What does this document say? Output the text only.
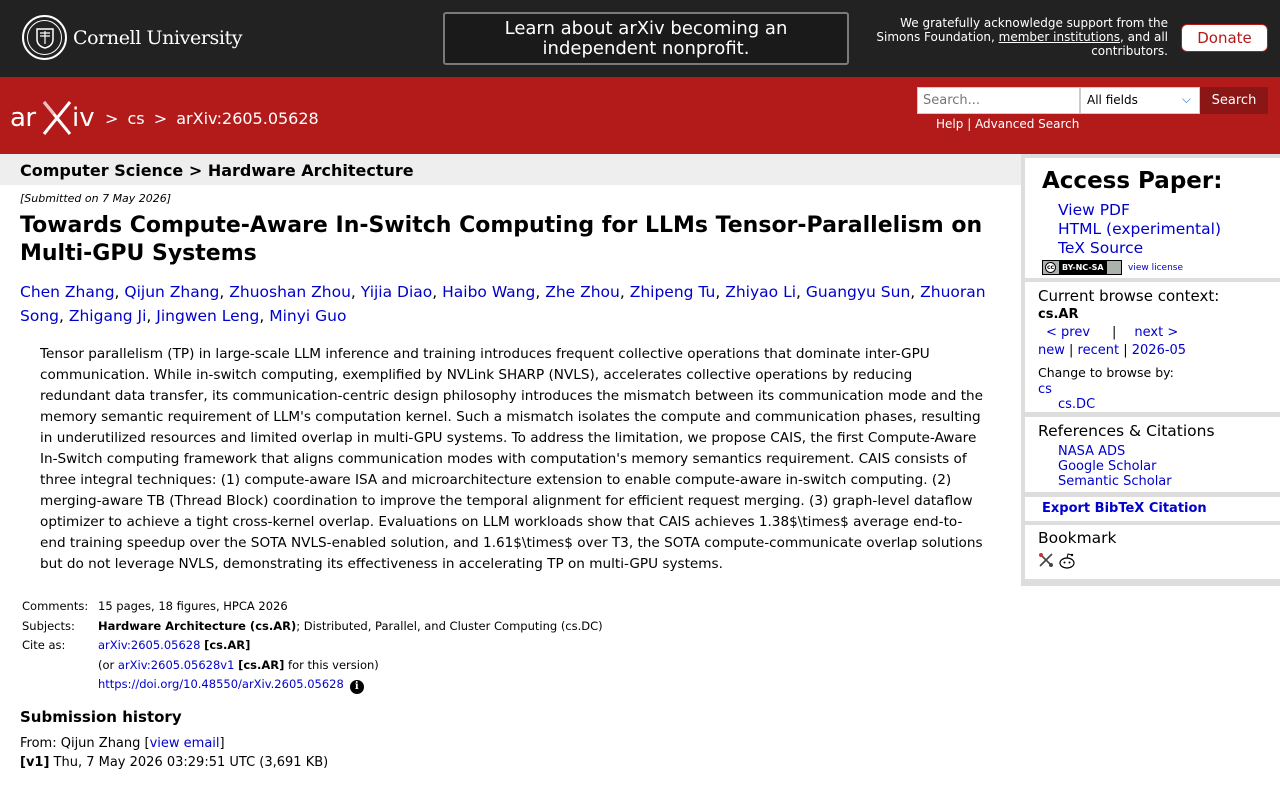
Cornell University	Learn about arXiv becoming an independent nonprofit.
We gratefully acknowledge support from the
Simons Foundation, member institutions, and all
contributors.
Donate
ar iv > cs > arXiv:2605.05628
Search...
All fields	⌵	Search
Help | Advanced Search
Computer Science > Hardware Architecture
[Submitted on 7 May 2026]
Towards Compute-Aware In-Switch Computing for LLMs Tensor-Parallelism on Multi-GPU Systems
Chen Zhang, Qijun Zhang, Zhuoshan Zhou, Yijia Diao, Haibo Wang, Zhe Zhou, Zhipeng Tu, Zhiyao Li, Guangyu Sun, Zhuoran Song, Zhigang Ji, Jingwen Leng, Minyi Guo
Tensor parallelism (TP) in large-scale LLM inference and training introduces frequent collective operations that dominate inter-GPU communication. While in-switch computing, exemplified by NVLink SHARP (NVLS), accelerates collective operations by reducing redundant data transfer, its communication-centric design philosophy introduces the mismatch between its communication mode and the memory semantic requirement of LLM's computation kernel. Such a mismatch isolates the compute and communication phases, resulting in underutilized resources and limited overlap in multi-GPU systems. To address the limitation, we propose CAIS, the first Compute-Aware In-Switch computing framework that aligns communication modes with computation's memory semantics requirement. CAIS consists of three integral techniques: (1) compute-aware ISA and microarchitecture extension to enable compute-aware in-switch computing. (2) merging-aware TB (Thread Block) coordination to improve the temporal alignment for efficient request merging. (3) graph-level dataflow optimizer to achieve a tight cross-kernel overlap. Evaluations on LLM workloads show that CAIS achieves 1.38$\times$ average end-to-end training speedup over the SOTA NVLS-enabled solution, and 1.61$\times$ over T3, the SOTA compute-communicate overlap solutions but do not leverage NVLS, demonstrating its effectiveness in accelerating TP on multi-GPU systems.
Comments:	15 pages, 18 figures, HPCA 2026
Subjects:	Hardware Architecture (cs.AR); Distributed, Parallel, and Cluster Computing (cs.DC)
Cite as:	arXiv:2605.05628 [cs.AR]
	(or arXiv:2605.05628v1 [cs.AR] for this version)
	https://doi.org/10.48550/arXiv.2605.05628 i
Submission history
From: Qijun Zhang [view email]
[v1] Thu, 7 May 2026 03:29:51 UTC (3,691 KB)
Access Paper:
View PDF
HTML (experimental)
TeX Source
cc BY-NC-SA	view license
Current browse context:
cs.AR
< prev | next >
new | recent | 2026-05
Change to browse by:
cs
cs.DC
References & Citations
NASA ADS
Google Scholar
Semantic Scholar
Export BibTeX Citation
Bookmark
